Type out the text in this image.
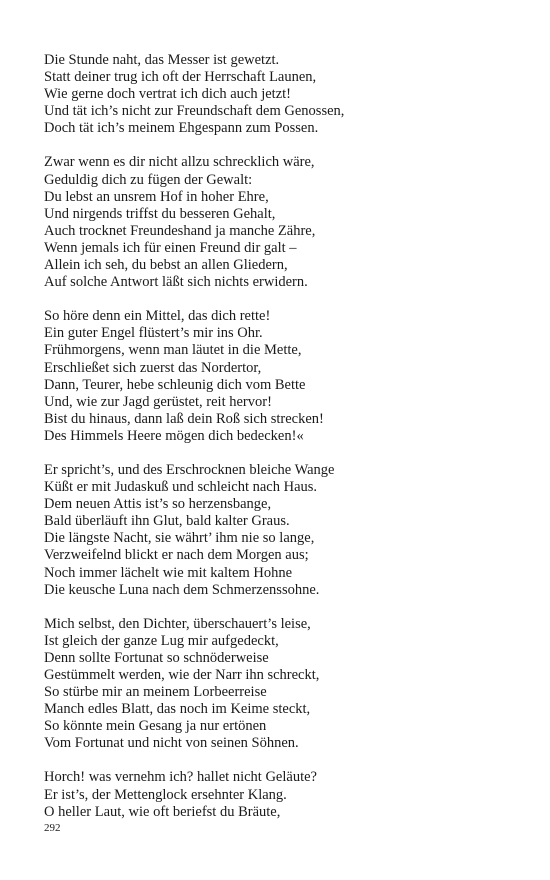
Die Stunde naht, das Messer ist gewetzt.
Statt deiner trug ich oft der Herrschaft Launen,
Wie gerne doch vertrat ich dich auch jetzt!
Und tät ich’s nicht zur Freundschaft dem Genossen,
Doch tät ich’s meinem Ehgespann zum Possen.
Zwar wenn es dir nicht allzu schrecklich wäre,
Geduldig dich zu fügen der Gewalt:
Du lebst an unsrem Hof in hoher Ehre,
Und nirgends triffst du besseren Gehalt,
Auch trocknet Freundeshand ja manche Zähre,
Wenn jemals ich für einen Freund dir galt –
Allein ich seh, du bebst an allen Gliedern,
Auf solche Antwort läßt sich nichts erwidern.
So höre denn ein Mittel, das dich rette!
Ein guter Engel flüstert’s mir ins Ohr.
Frühmorgens, wenn man läutet in die Mette,
Erschließet sich zuerst das Nordertor,
Dann, Teurer, hebe schleunig dich vom Bette
Und, wie zur Jagd gerüstet, reit hervor!
Bist du hinaus, dann laß dein Roß sich strecken!
Des Himmels Heere mögen dich bedecken!«
Er spricht’s, und des Erschrocknen bleiche Wange
Küßt er mit Judaskuß und schleicht nach Haus.
Dem neuen Attis ist’s so herzensbange,
Bald überläuft ihn Glut, bald kalter Graus.
Die längste Nacht, sie währt’ ihm nie so lange,
Verzweifelnd blickt er nach dem Morgen aus;
Noch immer lächelt wie mit kaltem Hohne
Die keusche Luna nach dem Schmerzenssohne.
Mich selbst, den Dichter, überschauert’s leise,
Ist gleich der ganze Lug mir aufgedeckt,
Denn sollte Fortunat so schnöderweise
Gestümmelt werden, wie der Narr ihn schreckt,
So stürbe mir an meinem Lorbeerreise
Manch edles Blatt, das noch im Keime steckt,
So könnte mein Gesang ja nur ertönen
Vom Fortunat und nicht von seinen Söhnen.
Horch! was vernehm ich? hallet nicht Geläute?
Er ist’s, der Mettenglock ersehnter Klang.
O heller Laut, wie oft beriefst du Bräute,
292
